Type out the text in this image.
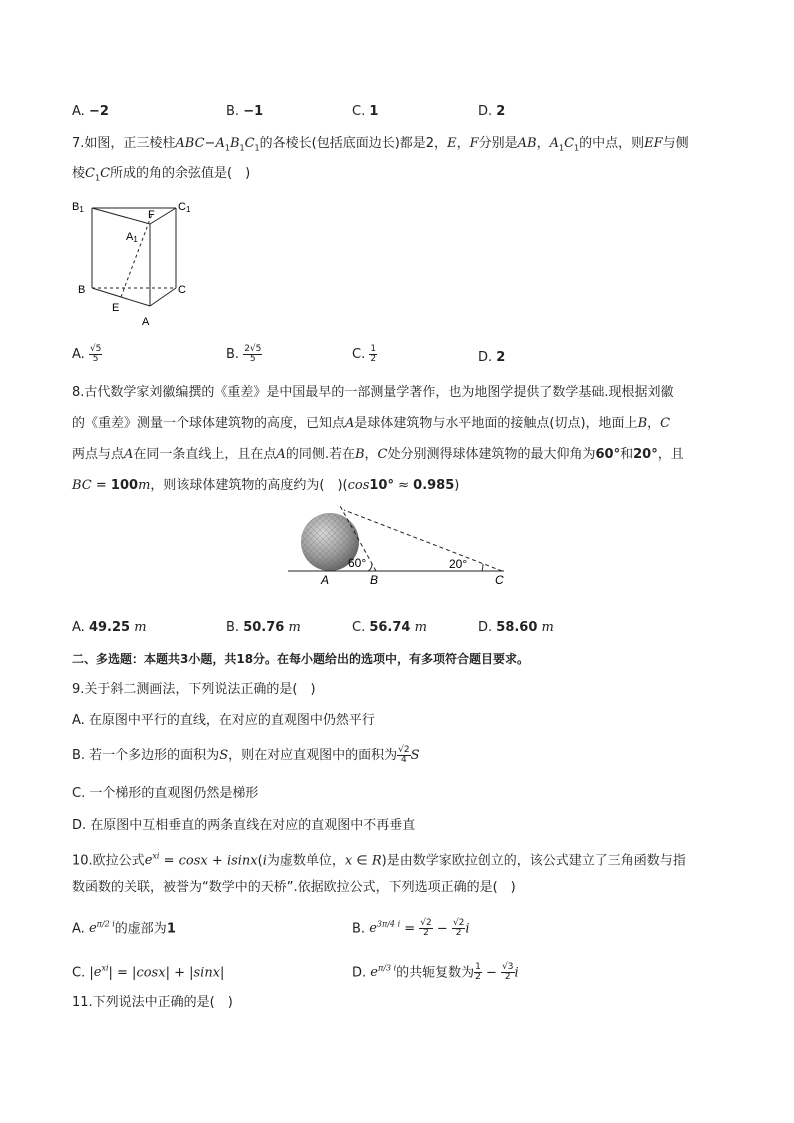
A. −2	B. −1	C. 1	D. 2
7.如图，正三棱柱$ABC-A_1B_1C_1$的各棱长(包括底面边长)都是2，E，F分别是AB，$A_1C_1$的中点，则EF与侧
棱$C_1C$所成的角的余弦值是(　)
B1	F
C1
A1
B	C
E
A
A. $\frac{√5}{5}$	B. $\frac{2√5}{5}$	C. $\frac{1}{2}$	D. 2
8.古代数学家刘徽编撰的《重差》是中国最早的一部测量学著作，也为地图学提供了数学基础.现根据刘徽
的《重差》测量一个球体建筑物的高度，已知点A是球体建筑物与水平地面的接触点(切点)，地面上B，C
两点与点A在同一条直线上，且在点A的同侧.若在B，C处分别测得球体建筑物的最大仰角为60°和20°，且
BC = 100m，则该球体建筑物的高度约为(　)(cos10° ≈ 0.985)
60°	20°
A	B	C
A. 49.25 m	B. 50.76 m	C. 56.74 m	D. 58.60 m
二、多选题：本题共3小题，共18分。在每小题给出的选项中，有多项符合题目要求。
9.关于斜二测画法，下列说法正确的是(　)
A. 在原图中平行的直线，在对应的直观图中仍然平行
B. 若一个多边形的面积为S，则在对应直观图中的面积为 $\frac{√2}{4}$ S
C. 一个梯形的直观图仍然是梯形
D. 在原图中互相垂直的两条直线在对应的直观图中不再垂直
10.欧拉公式$e^{xi} = \cos x + isinx(i$为虚数单位，x ∈ R)是由数学家欧拉创立的，该公式建立了三角函数与指
数函数的关联，被誉为“数学中的天桥”.依据欧拉公式，下列选项正确的是(　)
A. $e^{\pi/2 i}$的虚部为1	B. $e^{3\pi/4 i} = \frac{√2}{2} - \frac{√2}{2}$ i
C. $|e^{xi}| = |\cos x| + |\sin x|$	D. $e^{\pi/3 i}$的共轭复数为 $\frac{1}{2} - \frac{√3}{2}$ i
11.下列说法中正确的是(　)
